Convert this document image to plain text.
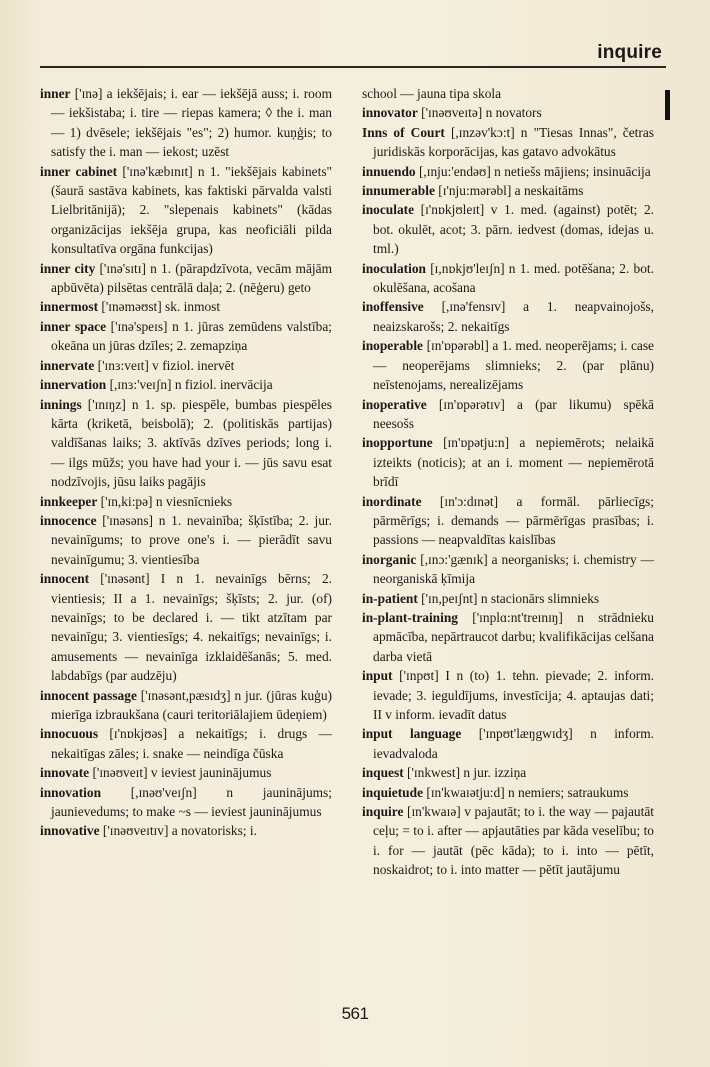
inquire

inner ['ɪnə] a iekšējais; i. ear — iekšējā auss; i. room — iekšistaba; i. tire — riepas kamera; ◊ the i. man — 1) dvēsele; iekšējais "es"; 2) humor. kuņģis; to satisfy the i. man — iekost; uzēst

inner cabinet ['ɪnə'kæbɪnɪt] n 1. "iekšējais kabinets" (šaurā sastāva kabinets, kas faktiski pārvalda valsti Lielbritānijā); 2. "slepenais kabinets" (kādas organizācijas iekšēja grupa, kas neoficiāli pilda konsultatīva orgāna funkcijas)

inner city ['ɪnə'sɪtɪ] n 1. (pārapdzīvota, vecām mājām apbūvēta) pilsētas centrālā daļa; 2. (nēģeru) geto

innermost ['ɪnəməʊst] sk. inmost

inner space ['ɪnə'speɪs] n 1. jūras zemūdens valstība; okeāna un jūras dzīles; 2. zemapziņa

innervate ['ɪnɜ:veɪt] v fiziol. inervēt

innervation [,ɪnɜ:'veɪʃn] n fiziol. inervācija

innings ['ɪnɪŋz] n 1. sp. piespēle, bumbas piespēles kārta (kriketā, beisbolā); 2. (politiskās partijas) valdīšanas laiks; 3. aktīvās dzīves periods; long i. — ilgs mūžs; you have had your i. — jūs savu esat nodzīvojis, jūsu laiks pagājis

innkeeper ['ɪn,ki:pə] n viesnīcnieks

innocence ['ɪnəsəns] n 1. nevainība; šķīstība; 2. jur. nevainīgums; to prove one's i. — pierādīt savu nevainīgumu; 3. vientiesība

innocent ['ɪnəsənt] I n 1. nevainīgs bērns; 2. vientiesis; II a 1. nevainīgs; šķīsts; 2. jur. (of) nevainīgs; to be declared i. — tikt atzītam par nevainīgu; 3. vientiesīgs; 4. nekaitīgs; nevainīgs; i. amusements — nevainīga izklaidēšanās; 5. med. labdabīgs (par audzēju)

innocent passage ['ɪnəsənt,pæsɪdʒ] n jur. (jūras kuģu) mierīga izbraukšana (cauri teritoriālajiem ūdeņiem)

innocuous [ɪ'nɒkjʊəs] a nekaitīgs; i. drugs — nekaitīgas zāles; i. snake — neindīga čūska

innovate ['ɪnəʊveɪt] v ieviest jauninājumus

innovation [,ɪnəʊ'veɪʃn] n jauninājums; jaunievedums; to make ~s — ieviest jauninājumus

innovative ['ɪnəʊveɪtɪv] a novatorisks; i.

school — jauna tipa skola

innovator ['ɪnəʊveɪtə] n novators

Inns of Court [,ɪnzəv'kɔ:t] n "Tiesas Innas", četras juridiskās korporācijas, kas gatavo advokātus

innuendo [,ɪnju:'endəʊ] n netiešs mājiens; insinuācija

innumerable [ɪ'nju:mərəbl] a neskaitāms

inoculate [ɪ'nɒkjʊleɪt] v 1. med. (against) potēt; 2. bot. okulēt, acot; 3. pārn. iedvest (domas, idejas u. tml.)

inoculation [ɪ,nɒkjʊ'leɪʃn] n 1. med. potēšana; 2. bot. okulēšana, acošana

inoffensive [,ɪnə'fensɪv] a 1. neapvainojošs, neaizskarošs; 2. nekaitīgs

inoperable [ɪn'ɒpərəbl] a 1. med. neoperējams; i. case — neoperējams slimnieks; 2. (par plānu) neīstenojams, nerealizējams

inoperative [ɪn'ɒpərətɪv] a (par likumu) spēkā neesošs

inopportune [ɪn'ɒpətju:n] a nepiemērots; nelaikā izteikts (noticis); at an i. moment — nepiemērotā brīdī

inordinate [ɪn'ɔ:dɪnət] a formāl. pārliecīgs; pārmērīgs; i. demands — pārmērīgas prasības; i. passions — neapvaldītas kaislības

inorganic [,ɪnɔ:'gænɪk] a neorganisks; i. chemistry — neorganiskā ķīmija

in-patient ['ɪn,peɪʃnt] n stacionārs slimnieks

in-plant-training ['ɪnplɑ:nt'treɪnɪŋ] n strādnieku apmācība, nepārtraucot darbu; kvalifikācijas celšana darba vietā

input ['ɪnpʊt] I n (to) 1. tehn. pievade; 2. inform. ievade; 3. ieguldījums, investīcija; 4. aptaujas dati; II v inform. ievadīt datus

input language ['ɪnpʊt'læŋgwɪdʒ] n inform. ievadvaloda

inquest ['ɪnkwest] n jur. izziņa

inquietude [ɪn'kwaɪətju:d] n nemiers; satraukums

inquire [ɪn'kwaɪə] v pajautāt; to i. the way — pajautāt ceļu; = to i. after — apjautāties par kāda veselību; to i. for — jautāt (pēc kāda); to i. into — pētīt, noskaidrot; to i. into matter — pētīt jautājumu

561
